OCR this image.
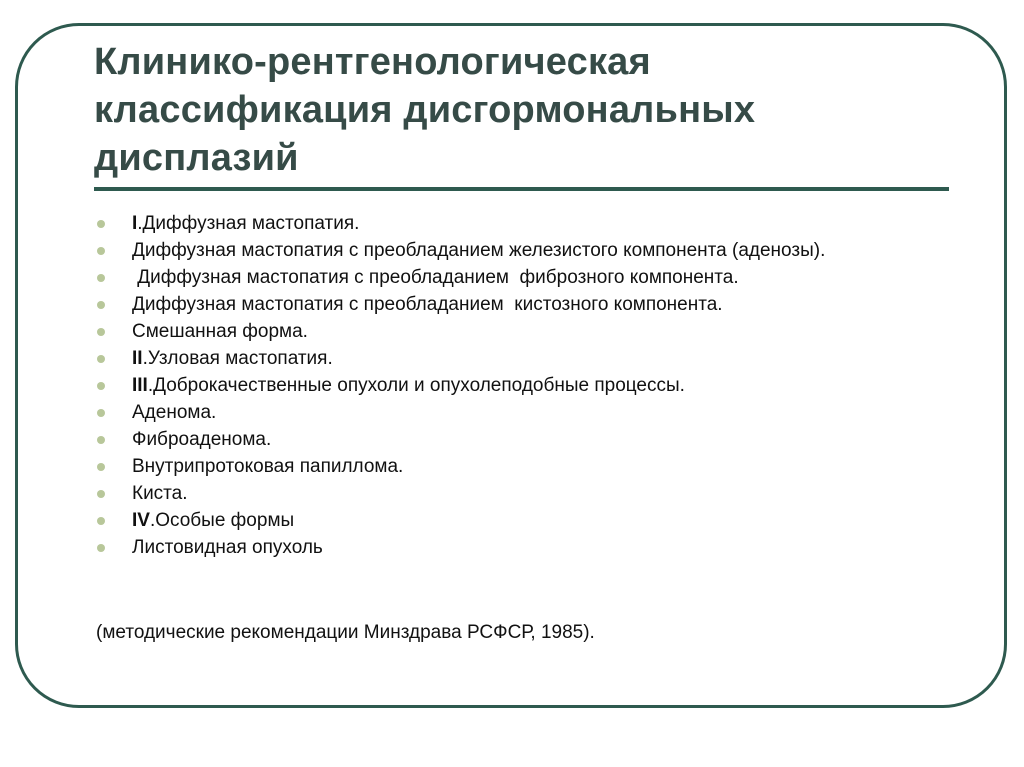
Клинико-рентгенологическая классификация дисгормональных дисплазий
I.Диффузная мастопатия.
Диффузная мастопатия с преобладанием железистого компонента (аденозы).
Диффузная мастопатия с преобладанием  фиброзного компонента.
Диффузная мастопатия с преобладанием  кистозного компонента.
Смешанная форма.
II.Узловая мастопатия.
III.Доброкачественные опухоли и опухолеподобные процессы.
Аденома.
Фиброаденома.
Внутрипротоковая папиллома.
Киста.
IV.Особые формы
Листовидная опухоль

(методические рекомендации Минздрава РСФСР, 1985).
